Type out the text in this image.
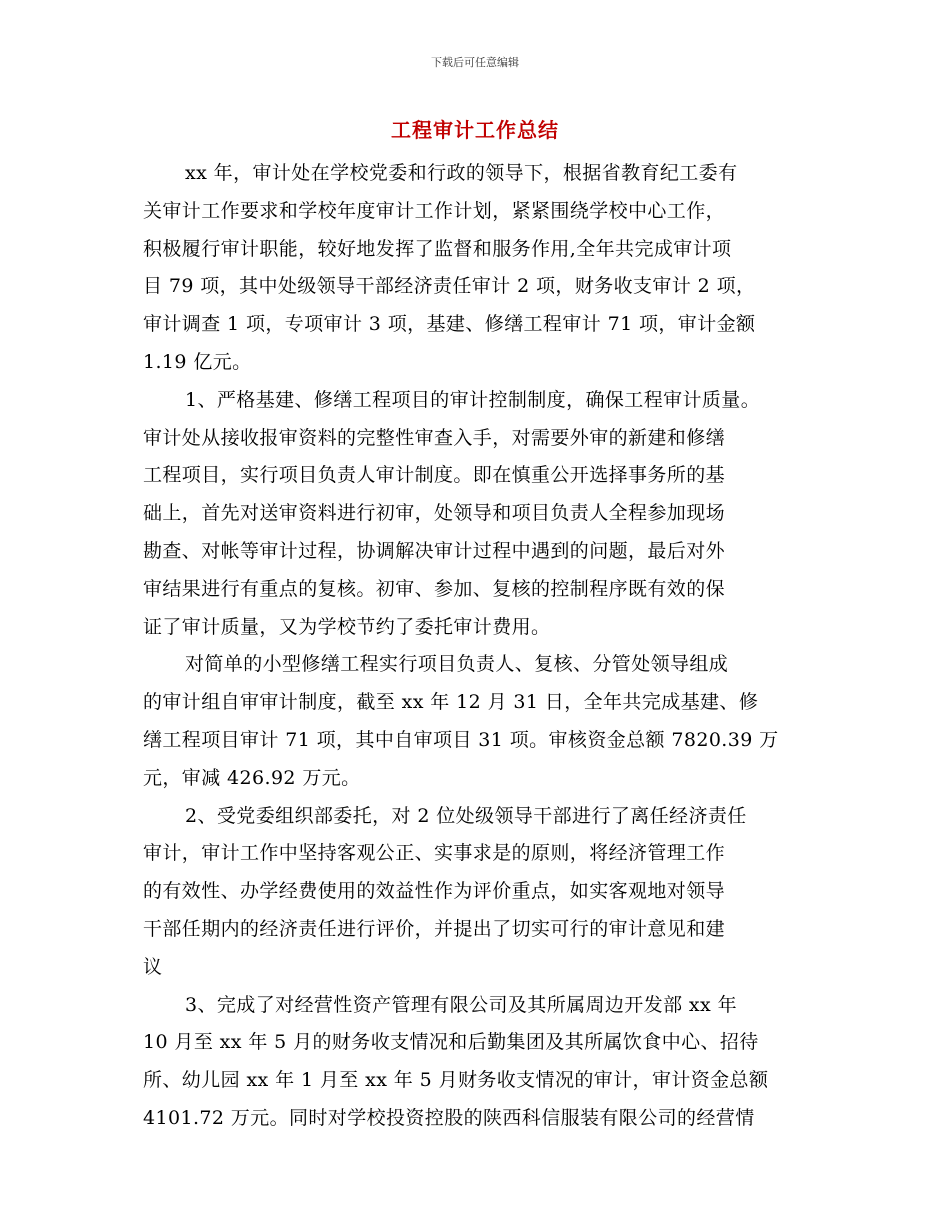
下载后可任意编辑
工程审计工作总结
xx 年，审计处在学校党委和行政的领导下，根据省教育纪工委有
关审计工作要求和学校年度审计工作计划，紧紧围绕学校中心工作，
积极履行审计职能，较好地发挥了监督和服务作用,全年共完成审计项
目 79 项，其中处级领导干部经济责任审计 2 项，财务收支审计 2 项，
审计调查 1 项，专项审计 3 项，基建、修缮工程审计 71 项，审计金额
1.19 亿元。
1、严格基建、修缮工程项目的审计控制制度，确保工程审计质量。
审计处从接收报审资料的完整性审查入手，对需要外审的新建和修缮
工程项目，实行项目负责人审计制度。即在慎重公开选择事务所的基
础上，首先对送审资料进行初审，处领导和项目负责人全程参加现场
勘查、对帐等审计过程，协调解决审计过程中遇到的问题，最后对外
审结果进行有重点的复核。初审、参加、复核的控制程序既有效的保
证了审计质量，又为学校节约了委托审计费用。
对简单的小型修缮工程实行项目负责人、复核、分管处领导组成
的审计组自审审计制度，截至 xx 年 12 月 31 日，全年共完成基建、修
缮工程项目审计 71 项，其中自审项目 31 项。审核资金总额 7820.39 万
元，审减 426.92 万元。
2、受党委组织部委托，对 2 位处级领导干部进行了离任经济责任
审计，审计工作中坚持客观公正、实事求是的原则，将经济管理工作
的有效性、办学经费使用的效益性作为评价重点，如实客观地对领导
干部任期内的经济责任进行评价，并提出了切实可行的审计意见和建
议
3、完成了对经营性资产管理有限公司及其所属周边开发部 xx 年
10 月至 xx 年 5 月的财务收支情况和后勤集团及其所属饮食中心、招待
所、幼儿园 xx 年 1 月至 xx 年 5 月财务收支情况的审计，审计资金总额
4101.72 万元。同时对学校投资控股的陕西科信服装有限公司的经营情
